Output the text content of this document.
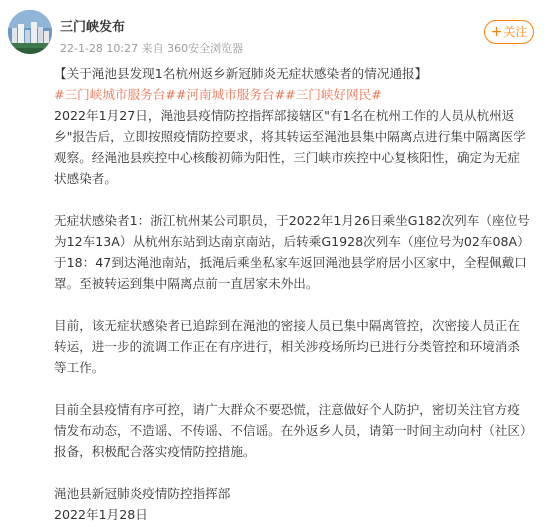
三门峡发布
22-1-28 10:27 来自 360安全浏览器
+关注

【关于渑池县发现1名杭州返乡新冠肺炎无症状感染者的情况通报】

#三门峡城市服务台##河南城市服务台##三门峡好网民#

2022年1月27日，渑池县疫情防控指挥部接辖区"有1名在杭州工作的人员从杭州返乡"报告后，立即按照疫情防控要求，将其转运至渑池县集中隔离点进行集中隔离医学观察。经渑池县疾控中心核酸初筛为阳性，三门峡市疾控中心复核阳性，确定为无症状感染者。

无症状感染者1：浙江杭州某公司职员，于2022年1月26日乘坐G182次列车（座位号为12车13A）从杭州东站到达南京南站，后转乘G1928次列车（座位号为02车08A）于18：47到达渑池南站，抵渑后乘坐私家车返回渑池县学府居小区家中，全程佩戴口罩。至被转运到集中隔离点前一直居家未外出。

目前，该无症状感染者已追踪到在渑池的密接人员已集中隔离管控，次密接人员正在转运，进一步的流调工作正在有序进行，相关涉疫场所均已进行分类管控和环境消杀等工作。

目前全县疫情有序可控，请广大群众不要恐慌，注意做好个人防护，密切关注官方疫情发布动态，不造谣、不传谣、不信谣。在外返乡人员，请第一时间主动向村（社区）报备，积极配合落实疫情防控措施。

渑池县新冠肺炎疫情防控指挥部

2022年1月28日
